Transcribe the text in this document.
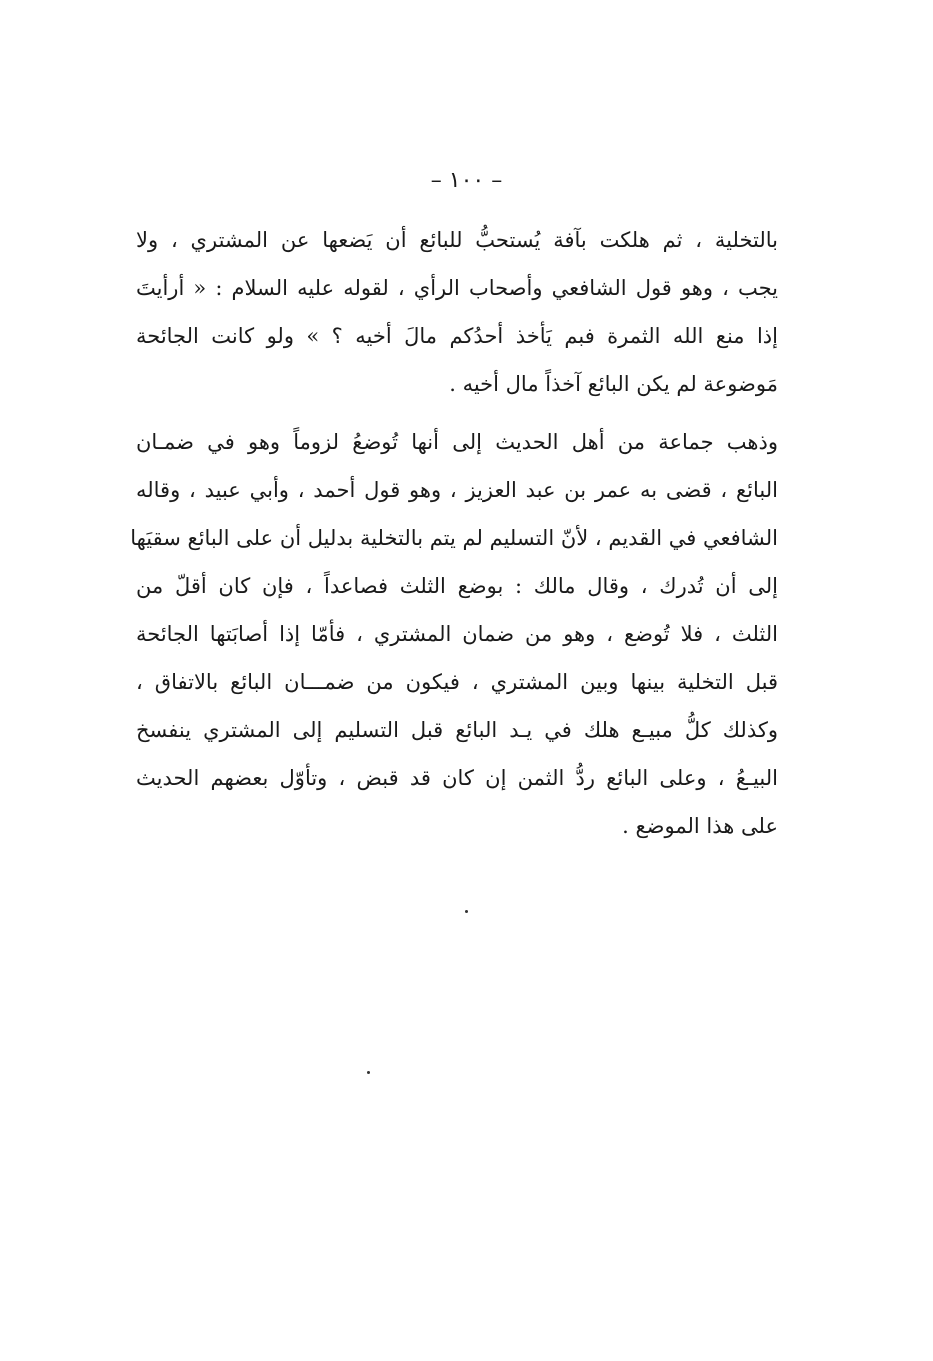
– ١٠٠ –
بالتخلية ، ثم هلكت بآفة يُستحبُّ للبائع أن يَضعها عن المشتري ، ولا
يجب ، وهو قول الشافعي وأصحاب الرأي ، لقوله عليه السلام : « أرأيتَ
إذا منع الله الثمرة فبم يَأخذ أحدُكم مالَ أخيه ؟ » ولو كانت الجائحة
مَوضوعة لم يكن البائع آخذاً مال أخيه .
وذهب جماعة من أهل الحديث إلى أنها تُوضعُ لزوماً وهو في ضمـان
البائع ، قضى به عمر بن عبد العزيز ، وهو قول أحمد ، وأبي عبيد ، وقاله
الشافعي في القديم ، لأنّ التسليم لم يتم بالتخلية بدليل أن على البائع سقيَها
إلى أن تُدرك ، وقال مالك : بوضع الثلث فصاعداً ، فإن كان أقلّ من
الثلث ، فلا تُوضع ، وهو من ضمان المشتري ، فأمّا إذا أصابَتها الجائحة
قبل التخلية بينها وبين المشتري ، فيكون من ضمـــان البائع بالاتفاق ،
وكذلك كلُّ مبيـع هلك في يـد البائع قبل التسليم إلى المشتري ينفسخ
البيـعُ ، وعلى البائع ردُّ الثمن إن كان قد قبض ، وتأوّل بعضهم الحديث
على هذا الموضع .
